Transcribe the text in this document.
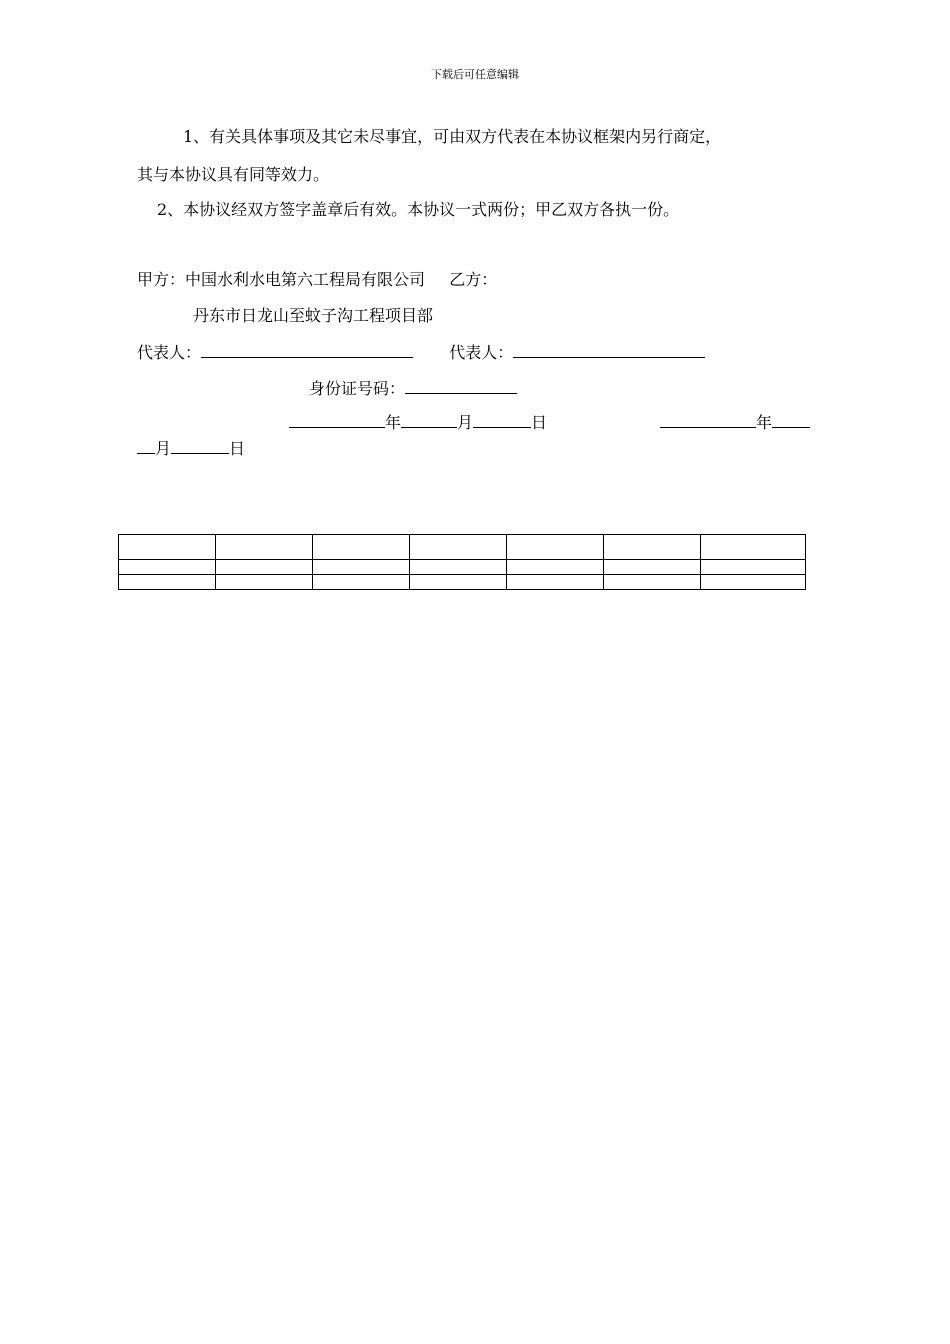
下载后可任意编辑
1、有关具体事项及其它未尽事宜，可由双方代表在本协议框架内另行商定，
其与本协议具有同等效力。
2、本协议经双方签字盖章后有效。本协议一式两份；甲乙双方各执一份。
甲方：中国水利水电第六工程局有限公司 乙方：
丹东市日龙山至蚊子沟工程项目部
代表人：	代表人：
身份证号码：
年	月	日	年
月	日
